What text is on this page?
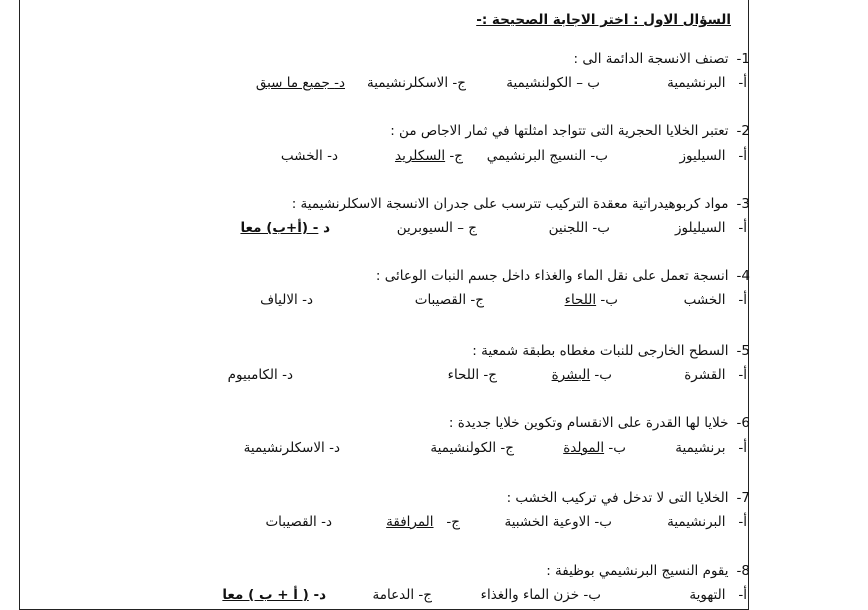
السؤال الاول : اختر الاجابة الصحيحة :-
1-تصنف الانسجة الدائمة الى :
أ-   البرنشيمية
ب – الكولنشيمية
ج- الاسكلرنشيمية
د- جميع ما سبق
2-تعتبر الخلايا الحجرية التى تتواجد امثلتها في ثمار الاجاص من :
أ-   السيليوز
ب- النسيج البرنشيمي
ج- السكلريد
د- الخشب
3-مواد كربوهيدراتية معقدة التركيب تترسب على جدران الانسجة الاسكلرنشيمية :
أ-   السيليلوز
ب- اللجنين
ج – السيوبرين
د - (أ+ب) معا
4-انسجة تعمل على نقل الماء والغذاء داخل جسم النبات الوعائى :
أ-   الخشب
ب- اللحاء
ج- القصيبات
د- الالياف
5-السطح الخارجى للنبات مغطاه بطبقة شمعية :
أ-   القشرة
ب- البشرة
ج- اللحاء
د- الكامبيوم
6-خلايا لها القدرة على الانقسام وتكوين خلايا جديدة :
أ-   برنشيمية
ب- المولدة
ج- الكولنشيمية
د- الاسكلرنشيمية
7-الخلايا التى لا تدخل في تركيب الخشب :
أ-   البرنشيمية
ب- الاوعية الخشبية
ج-   المرافقة
د- القصيبات
8-يقوم النسيج البرنشيمي بوظيفة :
أ-   التهوية
ب- خزن الماء والغذاء
ج- الدعامة
د- ( أ + ب ) معا
